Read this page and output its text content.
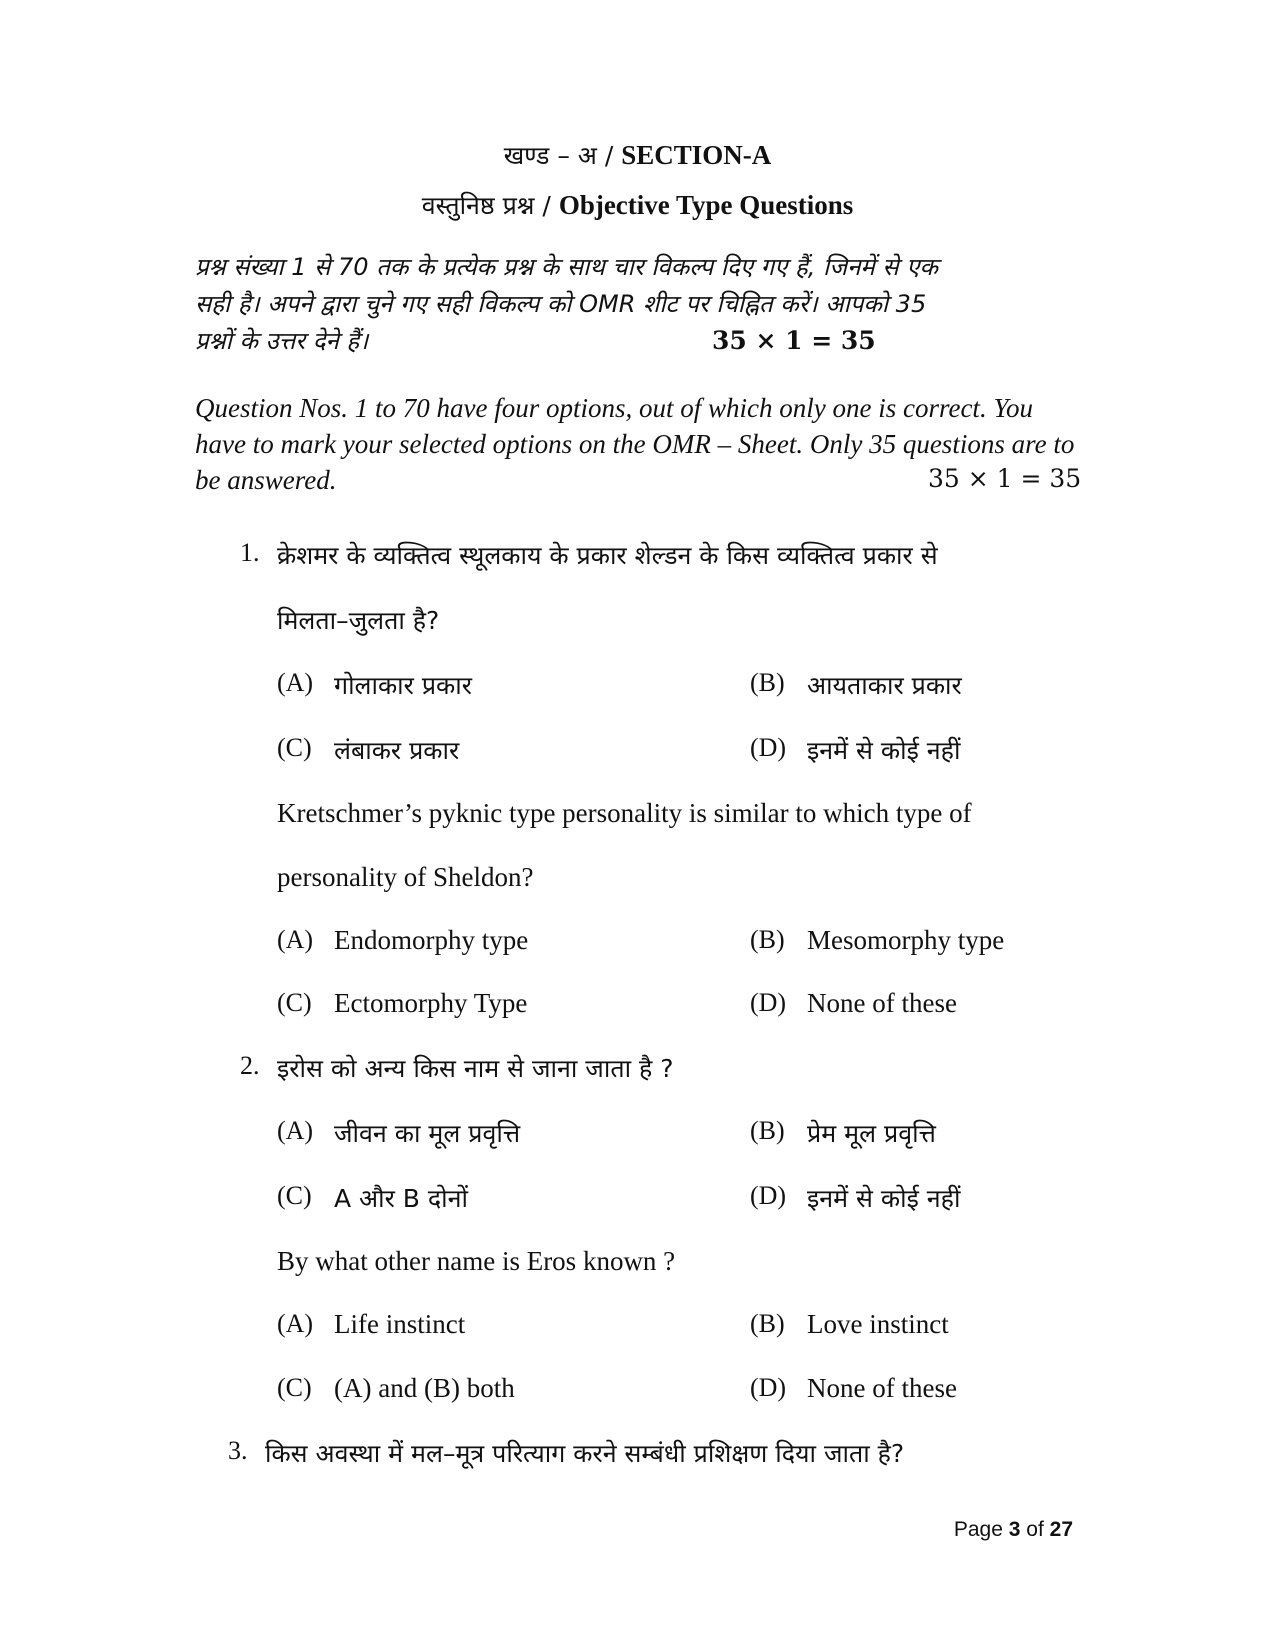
खण्ड – अ / SECTION-A
वस्तुनिष्ठ प्रश्न / Objective Type Questions
प्रश्न संख्या 1 से 70 तक के प्रत्येक प्रश्न के साथ चार विकल्प दिए गए हैं, जिनमें से एक
सही है। अपने द्वारा चुने गए सही विकल्प को OMR शीट पर चिह्नित करें। आपको 35
प्रश्नों के उत्तर देने हैं।	35 × 1 = 35
Question Nos. 1 to 70 have four options, out of which only one is correct. You
have to mark your selected options on the OMR – Sheet. Only 35 questions are to
be answered.	35 × 1 = 35
1. क्रेशमर के व्यक्तित्व स्थूलकाय के प्रकार शेल्डन के किस व्यक्तित्व प्रकार से
मिलता–जुलता है?
(A) गोलाकार प्रकार	(B) आयताकार प्रकार
(C) लंबाकर प्रकार	(D) इनमें से कोई नहीं
Kretschmer’s pyknic type personality is similar to which type of
personality of Sheldon?
(A) Endomorphy type	(B) Mesomorphy type
(C) Ectomorphy Type	(D) None of these
2. इरोस को अन्य किस नाम से जाना जाता है ?
(A) जीवन का मूल प्रवृत्ति	(B) प्रेम मूल प्रवृत्ति
(C) A और B दोनों	(D) इनमें से कोई नहीं
By what other name is Eros known ?
(A) Life instinct	(B) Love instinct
(C) (A) and (B) both	(D) None of these
3. किस अवस्था में मल–मूत्र परित्याग करने सम्बंधी प्रशिक्षण दिया जाता है?
Page 3 of 27
